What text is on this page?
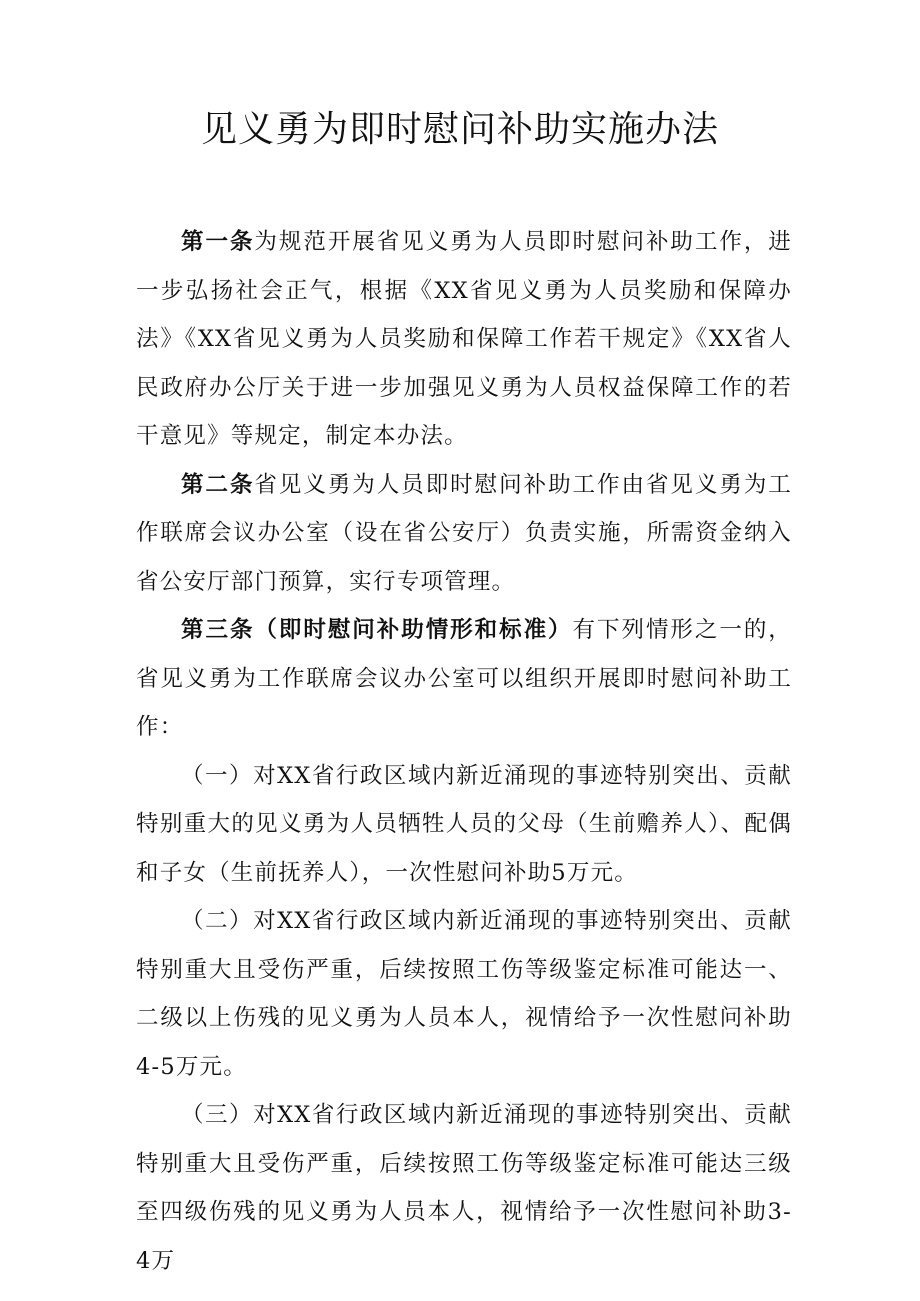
见义勇为即时慰问补助实施办法

第一条为规范开展省见义勇为人员即时慰问补助工作，进一步弘扬社会正气，根据《XX省见义勇为人员奖励和保障办法》《XX省见义勇为人员奖励和保障工作若干规定》《XX省人民政府办公厅关于进一步加强见义勇为人员权益保障工作的若干意见》等规定，制定本办法。

第二条省见义勇为人员即时慰问补助工作由省见义勇为工作联席会议办公室（设在省公安厅）负责实施，所需资金纳入省公安厅部门预算，实行专项管理。

第三条（即时慰问补助情形和标准）有下列情形之一的，省见义勇为工作联席会议办公室可以组织开展即时慰问补助工作：

（一）对XX省行政区域内新近涌现的事迹特别突出、贡献特别重大的见义勇为人员牺牲人员的父母（生前赡养人）、配偶和子女（生前抚养人），一次性慰问补助5万元。

（二）对XX省行政区域内新近涌现的事迹特别突出、贡献特别重大且受伤严重，后续按照工伤等级鉴定标准可能达一、二级以上伤残的见义勇为人员本人，视情给予一次性慰问补助4-5万元。

（三）对XX省行政区域内新近涌现的事迹特别突出、贡献特别重大且受伤严重，后续按照工伤等级鉴定标准可能达三级至四级伤残的见义勇为人员本人，视情给予一次性慰问补助3-4万
